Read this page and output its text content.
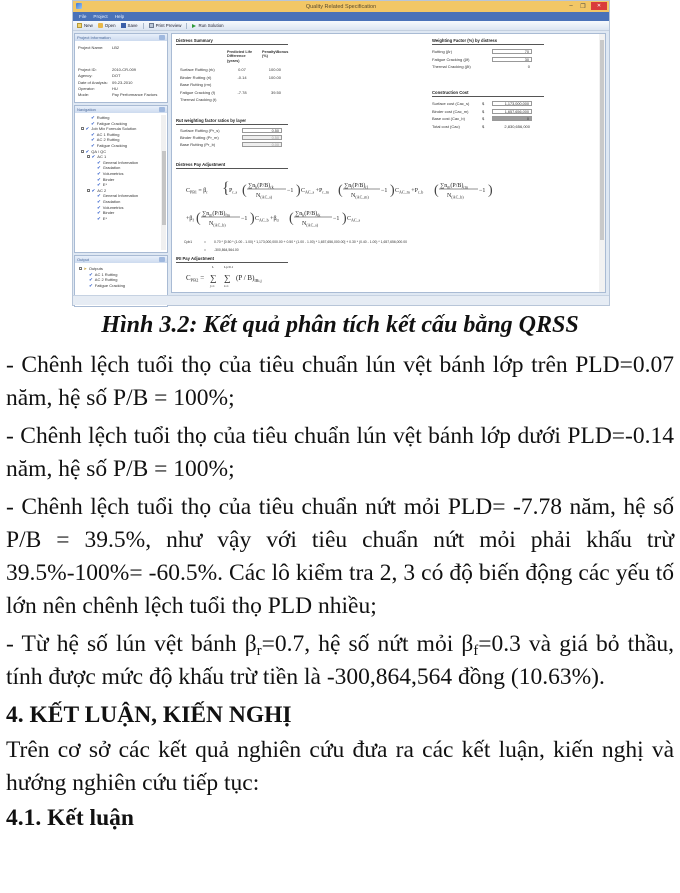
Quality Related Specification	–	❐	✕
File Project Help
New	Open	Save	Print Preview	Run Solution
Project Information
Project Name:	LB2
Project ID:	2010-CR-009
Agency:	DOT
Date of Analysis:	09-23-2010
Operator:	HU
Mode:	Pay Performance Factors
Navigation
✔ Rutting
✔ Fatigue Cracking
− ✔ Job Mix Formula Solution
✔ AC 1 Rutting
✔ AC 2 Rutting
✔ Fatigue Cracking
− ✔ QA \ QC
− ✔ AC 1
✔ General Information
✔ Gradation
✔ Volumetrics
✔ Binder
✔ E*
− ✔ AC 2
✔ General Information
✔ Gradation
✔ Volumetrics
✔ Binder
✔ E*
Output
− ➤ Outputs
✔ AC 1 Rutting
✔ AC 2 Rutting
✔ Fatigue Cracking
Distress Summary
Predicted Life Difference (years)
Penalty\Bonus (%)
Surface Rutting (rk)	0.07	100.00
Binder Rutting (rl)	-0.14	100.00
Base Rutting (rm)
Fatigue Cracking (f)	-7.78	39.50
Thermal Cracking (t)
Rut weighting factor ratios by layer
Surface Rutting (Pr_s)	0.50
Binder Rutting (Pr_m)	0.50
Base Rutting (Pr_b)	0.00
Weighting Factor (%) by distress
Rutting (βr)	70
Fatigue Cracking (βf)	30
Thermal Cracking (βt)	0
Construction Cost
Surface cost (Cac_s)	$	1,173,000,000
Binder cost (Cac_m)	$	1,657,656,000
Base cost (Cac_b)	$	0
Total cost (Cac)	$	2,830,656,000
Distress Pay Adjustment
$C_{PB1} = \beta_r$ { $P_{r\_s}$ ( $\sum n_k(P/B)_{rk}$
$N_{(AC\_s)}$
−1 ) $C_{AC\_s} +P_{r\_m}$ ( $\sum n_l(P/B)_{rl}$
$N_{(AC\_m)}$
−1 ) $C_{AC\_m} +P_{r\_b}$ ( $\sum n_m(P/B)_{rm}$
$N_{(AC\_b)}$
−1 )
$+\beta_f$ ( $\sum n_m(P/B)_{fm}$
$N_{(AC\_b)}$
−1 ) $C_{AC\_b} +\beta_{tr}$ ( $\sum n_k(P/B)_{tk}$
$N_{(AC\_s)}$
−1 ) $C_{AC\_s}$
Cpb1	= 0.70 * [0.50 * (1.00 - 1.00) * 1,173,000,000.00 + 0.50 * (1.00 - 1.00) * 1,657,656,000.00] + 0.30 * (0.40 - 1.00) * 1,657,656,000.00
= -300,864,564.00
IRI Pay Adjustment
$C_{PB2}$ =
L
∑
j=1
Lp/0.1
∑
i=1
$(P / B)_{IRi,j}$
Hình 3.2: Kết quả phân tích kết cấu bằng QRSS

- Chênh lệch tuổi thọ của tiêu chuẩn lún vệt bánh lớp trên PLD=0.07 năm, hệ số P/B = 100%;

- Chênh lệch tuổi thọ của tiêu chuẩn lún vệt bánh lớp dưới PLD=-0.14 năm, hệ số P/B = 100%;

- Chênh lệch tuổi thọ của tiêu chuẩn nứt mỏi PLD= -7.78 năm, hệ số P/B = 39.5%, như vậy với tiêu chuẩn nứt mỏi phải khấu trừ 39.5%-100%= -60.5%. Các lô kiểm tra 2, 3 có độ biến động các yếu tố lớn nên chênh lệch tuổi thọ PLD nhiều;

- Từ hệ số lún vệt bánh $\beta_r=0.7$, hệ số nứt mỏi $\beta_f=0.3$ và giá bỏ thầu, tính được mức độ khấu trừ tiền là -300,864,564 đồng (10.63%).

4. KẾT LUẬN, KIẾN NGHỊ

Trên cơ sở các kết quả nghiên cứu đưa ra các kết luận, kiến nghị và hướng nghiên cứu tiếp tục:

4.1. Kết luận
